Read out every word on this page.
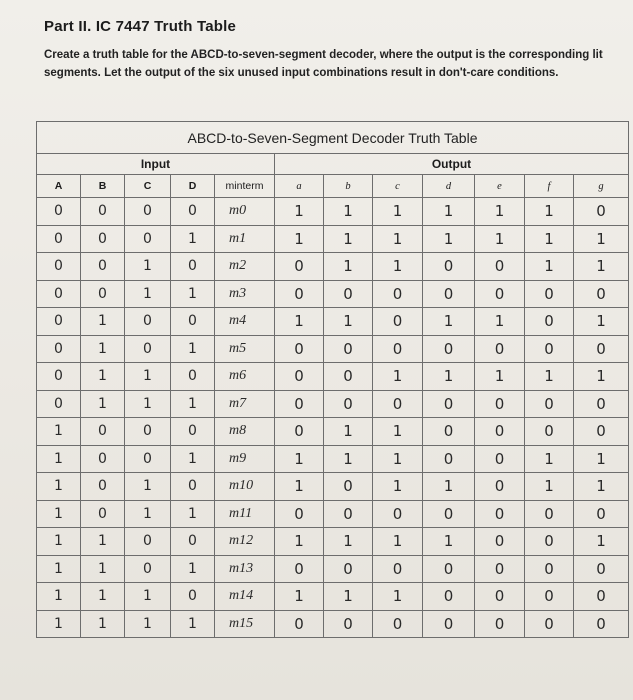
Part II. IC 7447 Truth Table
Create a truth table for the ABCD-to-seven-segment decoder, where the output is the corresponding lit segments. Let the output of the six unused input combinations result in don't-care conditions.
ABCD-to-Seven-Segment Decoder Truth Table											
Input					Output						
A	B	C	D	minterm	a	b	c	d	e	f	g
0	0	0	0	m0	1	1	1	1	1	1	0
0	0	0	1	m1	1	1	1	1	1	1	1
0	0	1	0	m2	0	1	1	0	0	1	1
0	0	1	1	m3	0	0	0	0	0	0	0
0	1	0	0	m4	1	1	0	1	1	0	1
0	1	0	1	m5	0	0	0	0	0	0	0
0	1	1	0	m6	0	0	1	1	1	1	1
0	1	1	1	m7	0	0	0	0	0	0	0
1	0	0	0	m8	0	1	1	0	0	0	0
1	0	0	1	m9	1	1	1	0	0	1	1
1	0	1	0	m10	1	0	1	1	0	1	1
1	0	1	1	m11	0	0	0	0	0	0	0
1	1	0	0	m12	1	1	1	1	0	0	1
1	1	0	1	m13	0	0	0	0	0	0	0
1	1	1	0	m14	1	1	1	0	0	0	0
1	1	1	1	m15	0	0	0	0	0	0	0
